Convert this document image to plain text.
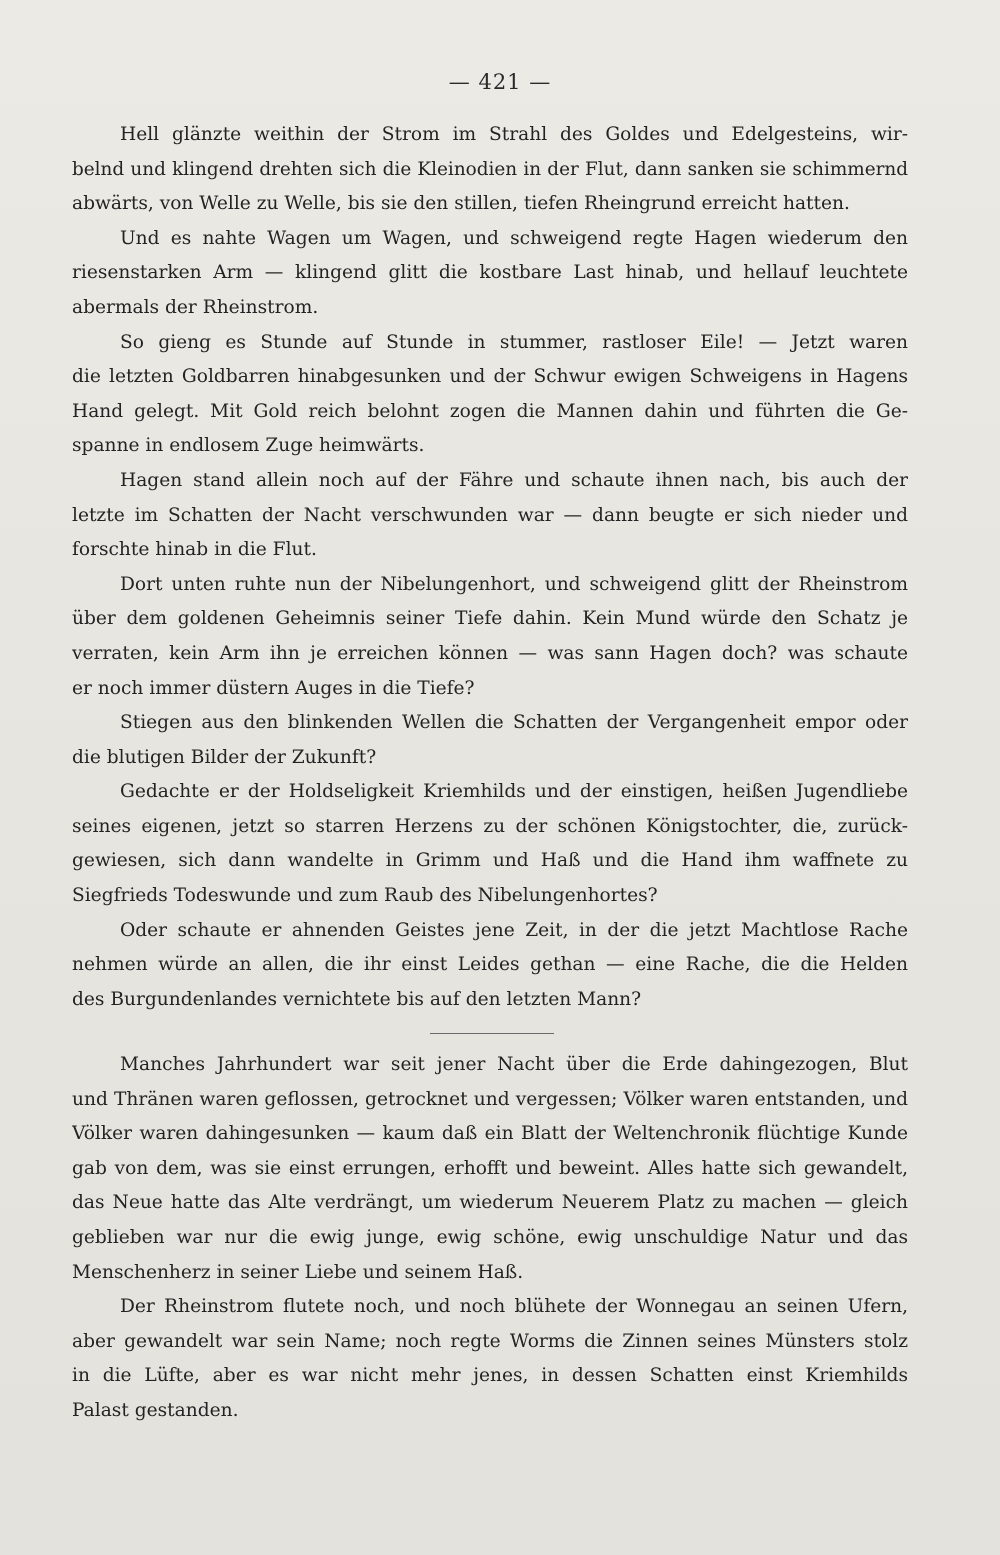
— 421 —
Hell glänzte weithin der Strom im Strahl des Goldes und Edelgesteins, wir-
belnd und klingend drehten sich die Kleinodien in der Flut, dann sanken sie schimmernd
abwärts, von Welle zu Welle, bis sie den stillen, tiefen Rheingrund erreicht hatten.
Und es nahte Wagen um Wagen, und schweigend regte Hagen wiederum den
riesenstarken Arm — klingend glitt die kostbare Last hinab, und hellauf leuchtete
abermals der Rheinstrom.
So gieng es Stunde auf Stunde in stummer, rastloser Eile! — Jetzt waren
die letzten Goldbarren hinabgesunken und der Schwur ewigen Schweigens in Hagens
Hand gelegt. Mit Gold reich belohnt zogen die Mannen dahin und führten die Ge-
spanne in endlosem Zuge heimwärts.
Hagen stand allein noch auf der Fähre und schaute ihnen nach, bis auch der
letzte im Schatten der Nacht verschwunden war — dann beugte er sich nieder und
forschte hinab in die Flut.
Dort unten ruhte nun der Nibelungenhort, und schweigend glitt der Rheinstrom
über dem goldenen Geheimnis seiner Tiefe dahin. Kein Mund würde den Schatz je
verraten, kein Arm ihn je erreichen können — was sann Hagen doch? was schaute
er noch immer düstern Auges in die Tiefe?
Stiegen aus den blinkenden Wellen die Schatten der Vergangenheit empor oder
die blutigen Bilder der Zukunft?
Gedachte er der Holdseligkeit Kriemhilds und der einstigen, heißen Jugendliebe
seines eigenen, jetzt so starren Herzens zu der schönen Königstochter, die, zurück-
gewiesen, sich dann wandelte in Grimm und Haß und die Hand ihm waffnete zu
Siegfrieds Todeswunde und zum Raub des Nibelungenhortes?
Oder schaute er ahnenden Geistes jene Zeit, in der die jetzt Machtlose Rache
nehmen würde an allen, die ihr einst Leides gethan — eine Rache, die die Helden
des Burgundenlandes vernichtete bis auf den letzten Mann?
Manches Jahrhundert war seit jener Nacht über die Erde dahingezogen, Blut
und Thränen waren geflossen, getrocknet und vergessen; Völker waren entstanden, und
Völker waren dahingesunken — kaum daß ein Blatt der Weltenchronik flüchtige Kunde
gab von dem, was sie einst errungen, erhofft und beweint. Alles hatte sich gewandelt,
das Neue hatte das Alte verdrängt, um wiederum Neuerem Platz zu machen — gleich
geblieben war nur die ewig junge, ewig schöne, ewig unschuldige Natur und das
Menschenherz in seiner Liebe und seinem Haß.
Der Rheinstrom flutete noch, und noch blühete der Wonnegau an seinen Ufern,
aber gewandelt war sein Name; noch regte Worms die Zinnen seines Münsters stolz
in die Lüfte, aber es war nicht mehr jenes, in dessen Schatten einst Kriemhilds
Palast gestanden.
